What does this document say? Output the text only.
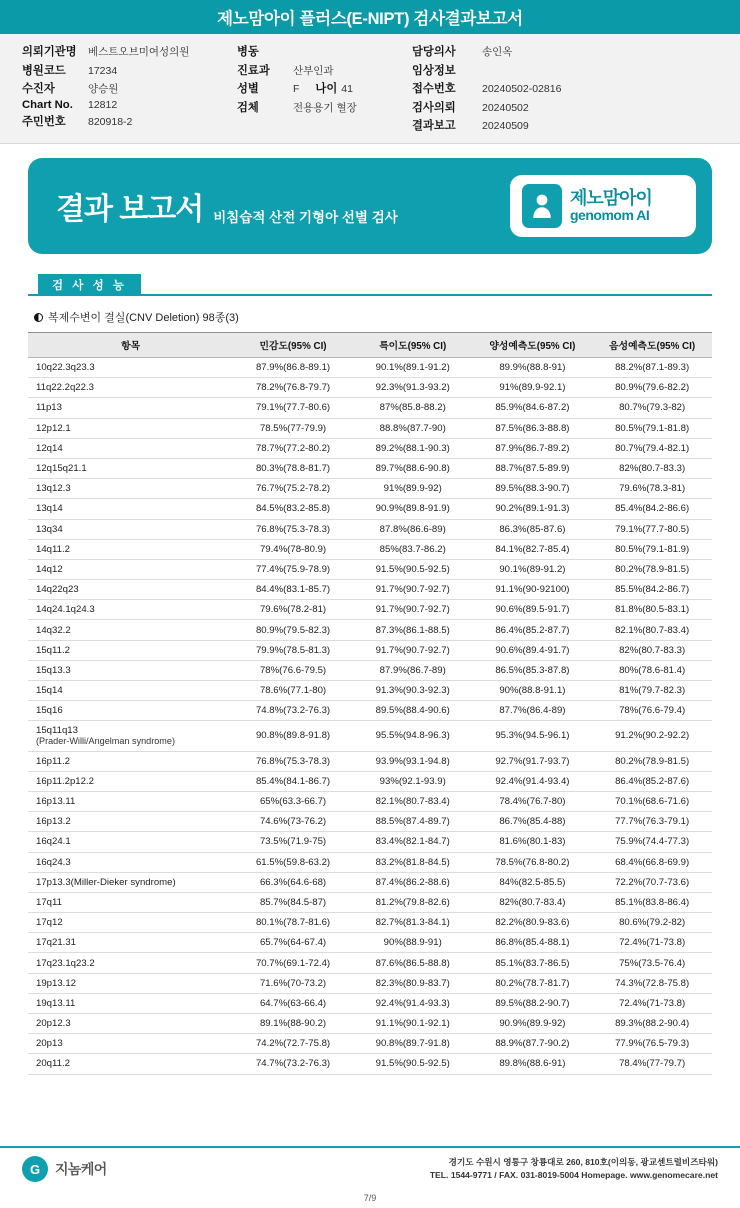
제노맘아이 플러스(E-NIPT) 검사결과보고서
의뢰기관명	베스트오브미여성의원
병원코드	17234
수진자	양승원
Chart No.	12812
주민번호	820918-2
병동
진료과	산부인과
성별	F	나이 41
검체	전용용기 혈장
담당의사	송인옥
임상정보
접수번호	20240502-02816
검사의뢰	20240502
결과보고	20240509
결과 보고서 비침습적 산전 기형아 선별 검사
제노맘아이
genomom AI
검 사 성 능
복제수변이 결실(CNV Deletion) 98종(3)
항목	민감도(95% CI)	특이도(95% CI)	양성예측도(95% CI)	음성예측도(95% CI)
10q22.3q23.3	87.9%(86.8-89.1)	90.1%(89.1-91.2)	89.9%(88.8-91)	88.2%(87.1-89.3)
11q22.2q22.3	78.2%(76.8-79.7)	92.3%(91.3-93.2)	91%(89.9-92.1)	80.9%(79.6-82.2)
11p13	79.1%(77.7-80.6)	87%(85.8-88.2)	85.9%(84.6-87.2)	80.7%(79.3-82)
12p12.1	78.5%(77-79.9)	88.8%(87.7-90)	87.5%(86.3-88.8)	80.5%(79.1-81.8)
12q14	78.7%(77.2-80.2)	89.2%(88.1-90.3)	87.9%(86.7-89.2)	80.7%(79.4-82.1)
12q15q21.1	80.3%(78.8-81.7)	89.7%(88.6-90.8)	88.7%(87.5-89.9)	82%(80.7-83.3)
13q12.3	76.7%(75.2-78.2)	91%(89.9-92)	89.5%(88.3-90.7)	79.6%(78.3-81)
13q14	84.5%(83.2-85.8)	90.9%(89.8-91.9)	90.2%(89.1-91.3)	85.4%(84.2-86.6)
13q34	76.8%(75.3-78.3)	87.8%(86.6-89)	86.3%(85-87.6)	79.1%(77.7-80.5)
14q11.2	79.4%(78-80.9)	85%(83.7-86.2)	84.1%(82.7-85.4)	80.5%(79.1-81.9)
14q12	77.4%(75.9-78.9)	91.5%(90.5-92.5)	90.1%(89-91.2)	80.2%(78.9-81.5)
14q22q23	84.4%(83.1-85.7)	91.7%(90.7-92.7)	91.1%(90-92100)	85.5%(84.2-86.7)
14q24.1q24.3	79.6%(78.2-81)	91.7%(90.7-92.7)	90.6%(89.5-91.7)	81.8%(80.5-83.1)
14q32.2	80.9%(79.5-82.3)	87.3%(86.1-88.5)	86.4%(85.2-87.7)	82.1%(80.7-83.4)
15q11.2	79.9%(78.5-81.3)	91.7%(90.7-92.7)	90.6%(89.4-91.7)	82%(80.7-83.3)
15q13.3	78%(76.6-79.5)	87.9%(86.7-89)	86.5%(85.3-87.8)	80%(78.6-81.4)
15q14	78.6%(77.1-80)	91.3%(90.3-92.3)	90%(88.8-91.1)	81%(79.7-82.3)
15q16	74.8%(73.2-76.3)	89.5%(88.4-90.6)	87.7%(86.4-89)	78%(76.6-79.4)
15q11q13
(Prader-Willi/Angelman syndrome)	90.8%(89.8-91.8)	95.5%(94.8-96.3)	95.3%(94.5-96.1)	91.2%(90.2-92.2)
16p11.2	76.8%(75.3-78.3)	93.9%(93.1-94.8)	92.7%(91.7-93.7)	80.2%(78.9-81.5)
16p11.2p12.2	85.4%(84.1-86.7)	93%(92.1-93.9)	92.4%(91.4-93.4)	86.4%(85.2-87.6)
16p13.11	65%(63.3-66.7)	82.1%(80.7-83.4)	78.4%(76.7-80)	70.1%(68.6-71.6)
16p13.2	74.6%(73-76.2)	88.5%(87.4-89.7)	86.7%(85.4-88)	77.7%(76.3-79.1)
16q24.1	73.5%(71.9-75)	83.4%(82.1-84.7)	81.6%(80.1-83)	75.9%(74.4-77.3)
16q24.3	61.5%(59.8-63.2)	83.2%(81.8-84.5)	78.5%(76.8-80.2)	68.4%(66.8-69.9)
17p13.3(Miller-Dieker syndrome)	66.3%(64.6-68)	87.4%(86.2-88.6)	84%(82.5-85.5)	72.2%(70.7-73.6)
17q11	85.7%(84.5-87)	81.2%(79.8-82.6)	82%(80.7-83.4)	85.1%(83.8-86.4)
17q12	80.1%(78.7-81.6)	82.7%(81.3-84.1)	82.2%(80.9-83.6)	80.6%(79.2-82)
17q21.31	65.7%(64-67.4)	90%(88.9-91)	86.8%(85.4-88.1)	72.4%(71-73.8)
17q23.1q23.2	70.7%(69.1-72.4)	87.6%(86.5-88.8)	85.1%(83.7-86.5)	75%(73.5-76.4)
19p13.12	71.6%(70-73.2)	82.3%(80.9-83.7)	80.2%(78.7-81.7)	74.3%(72.8-75.8)
19q13.11	64.7%(63-66.4)	92.4%(91.4-93.3)	89.5%(88.2-90.7)	72.4%(71-73.8)
20p12.3	89.1%(88-90.2)	91.1%(90.1-92.1)	90.9%(89.9-92)	89.3%(88.2-90.4)
20p13	74.2%(72.7-75.8)	90.8%(89.7-91.8)	88.9%(87.7-90.2)	77.9%(76.5-79.3)
20q11.2	74.7%(73.2-76.3)	91.5%(90.5-92.5)	89.8%(88.6-91)	78.4%(77-79.7)
G	지놈케어	경기도 수원시 영통구 창룡대로 260, 810호(이의동, 광교센트럴비즈타워)
TEL. 1544-9771 / FAX. 031-8019-5004 Homepage. www.genomecare.net
7/9
